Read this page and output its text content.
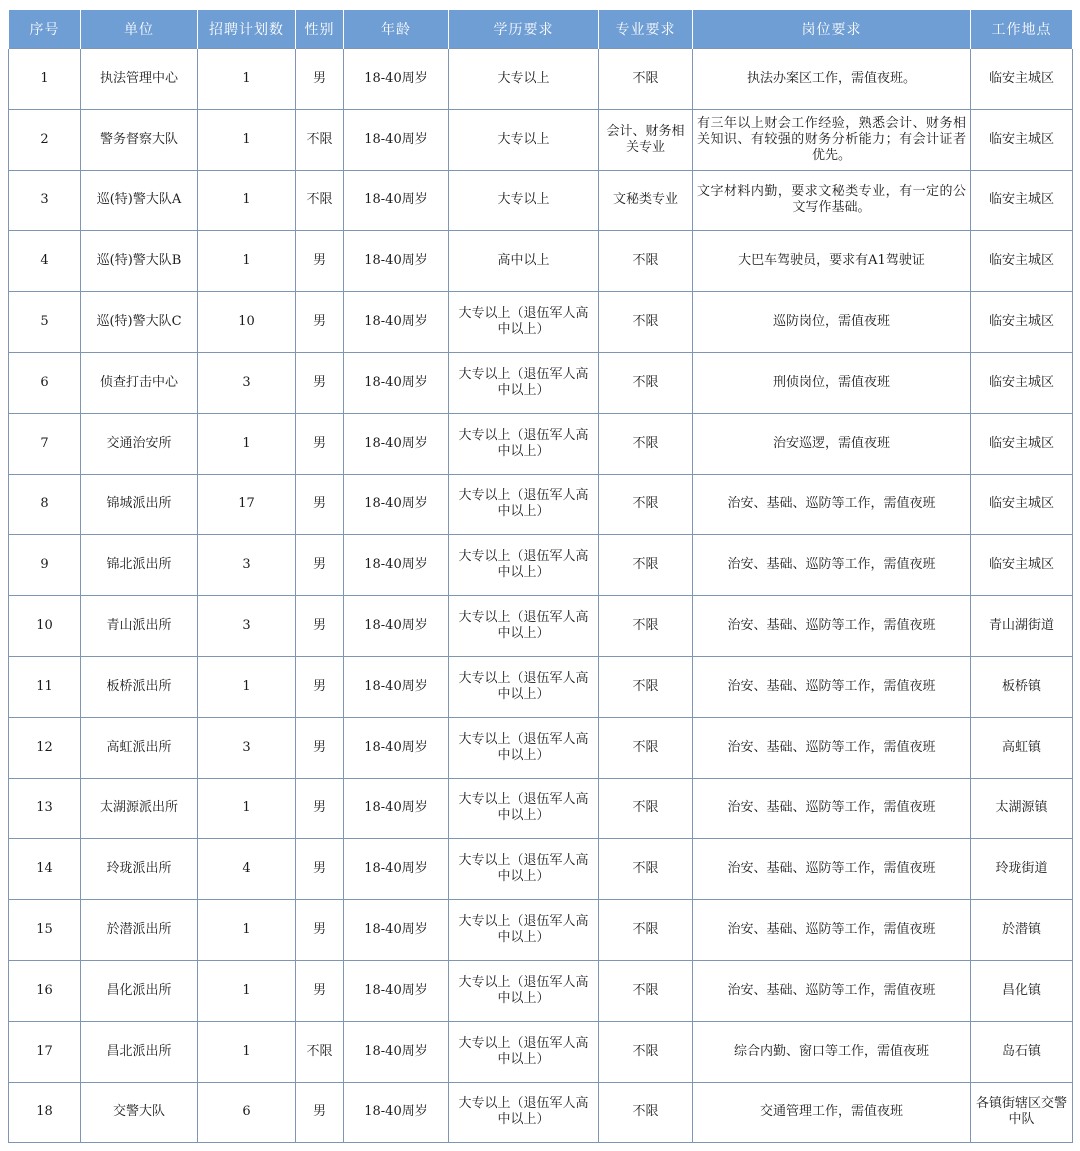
序号	单位	招聘计划数	性别	年龄	学历要求	专业要求	岗位要求	工作地点
1	执法管理中心	1	男	18-40周岁	大专以上	不限	执法办案区工作，需值夜班。	临安主城区
2	警务督察大队	1	不限	18-40周岁	大专以上	会计、财务相关专业	有三年以上财会工作经验，熟悉会计、财务相关知识、有较强的财务分析能力；有会计证者优先。	临安主城区
3	巡(特)警大队A	1	不限	18-40周岁	大专以上	文秘类专业	文字材料内勤，要求文秘类专业，有一定的公文写作基础。	临安主城区
4	巡(特)警大队B	1	男	18-40周岁	高中以上	不限	大巴车驾驶员，要求有A1驾驶证	临安主城区
5	巡(特)警大队C	10	男	18-40周岁	大专以上（退伍军人高中以上）	不限	巡防岗位，需值夜班	临安主城区
6	侦查打击中心	3	男	18-40周岁	大专以上（退伍军人高中以上）	不限	刑侦岗位，需值夜班	临安主城区
7	交通治安所	1	男	18-40周岁	大专以上（退伍军人高中以上）	不限	治安巡逻，需值夜班	临安主城区
8	锦城派出所	17	男	18-40周岁	大专以上（退伍军人高中以上）	不限	治安、基础、巡防等工作，需值夜班	临安主城区
9	锦北派出所	3	男	18-40周岁	大专以上（退伍军人高中以上）	不限	治安、基础、巡防等工作，需值夜班	临安主城区
10	青山派出所	3	男	18-40周岁	大专以上（退伍军人高中以上）	不限	治安、基础、巡防等工作，需值夜班	青山湖街道
11	板桥派出所	1	男	18-40周岁	大专以上（退伍军人高中以上）	不限	治安、基础、巡防等工作，需值夜班	板桥镇
12	高虹派出所	3	男	18-40周岁	大专以上（退伍军人高中以上）	不限	治安、基础、巡防等工作，需值夜班	高虹镇
13	太湖源派出所	1	男	18-40周岁	大专以上（退伍军人高中以上）	不限	治安、基础、巡防等工作，需值夜班	太湖源镇
14	玲珑派出所	4	男	18-40周岁	大专以上（退伍军人高中以上）	不限	治安、基础、巡防等工作，需值夜班	玲珑街道
15	於潜派出所	1	男	18-40周岁	大专以上（退伍军人高中以上）	不限	治安、基础、巡防等工作，需值夜班	於潜镇
16	昌化派出所	1	男	18-40周岁	大专以上（退伍军人高中以上）	不限	治安、基础、巡防等工作，需值夜班	昌化镇
17	昌北派出所	1	不限	18-40周岁	大专以上（退伍军人高中以上）	不限	综合内勤、窗口等工作，需值夜班	岛石镇
18	交警大队	6	男	18-40周岁	大专以上（退伍军人高中以上）	不限	交通管理工作，需值夜班	各镇街辖区交警中队
